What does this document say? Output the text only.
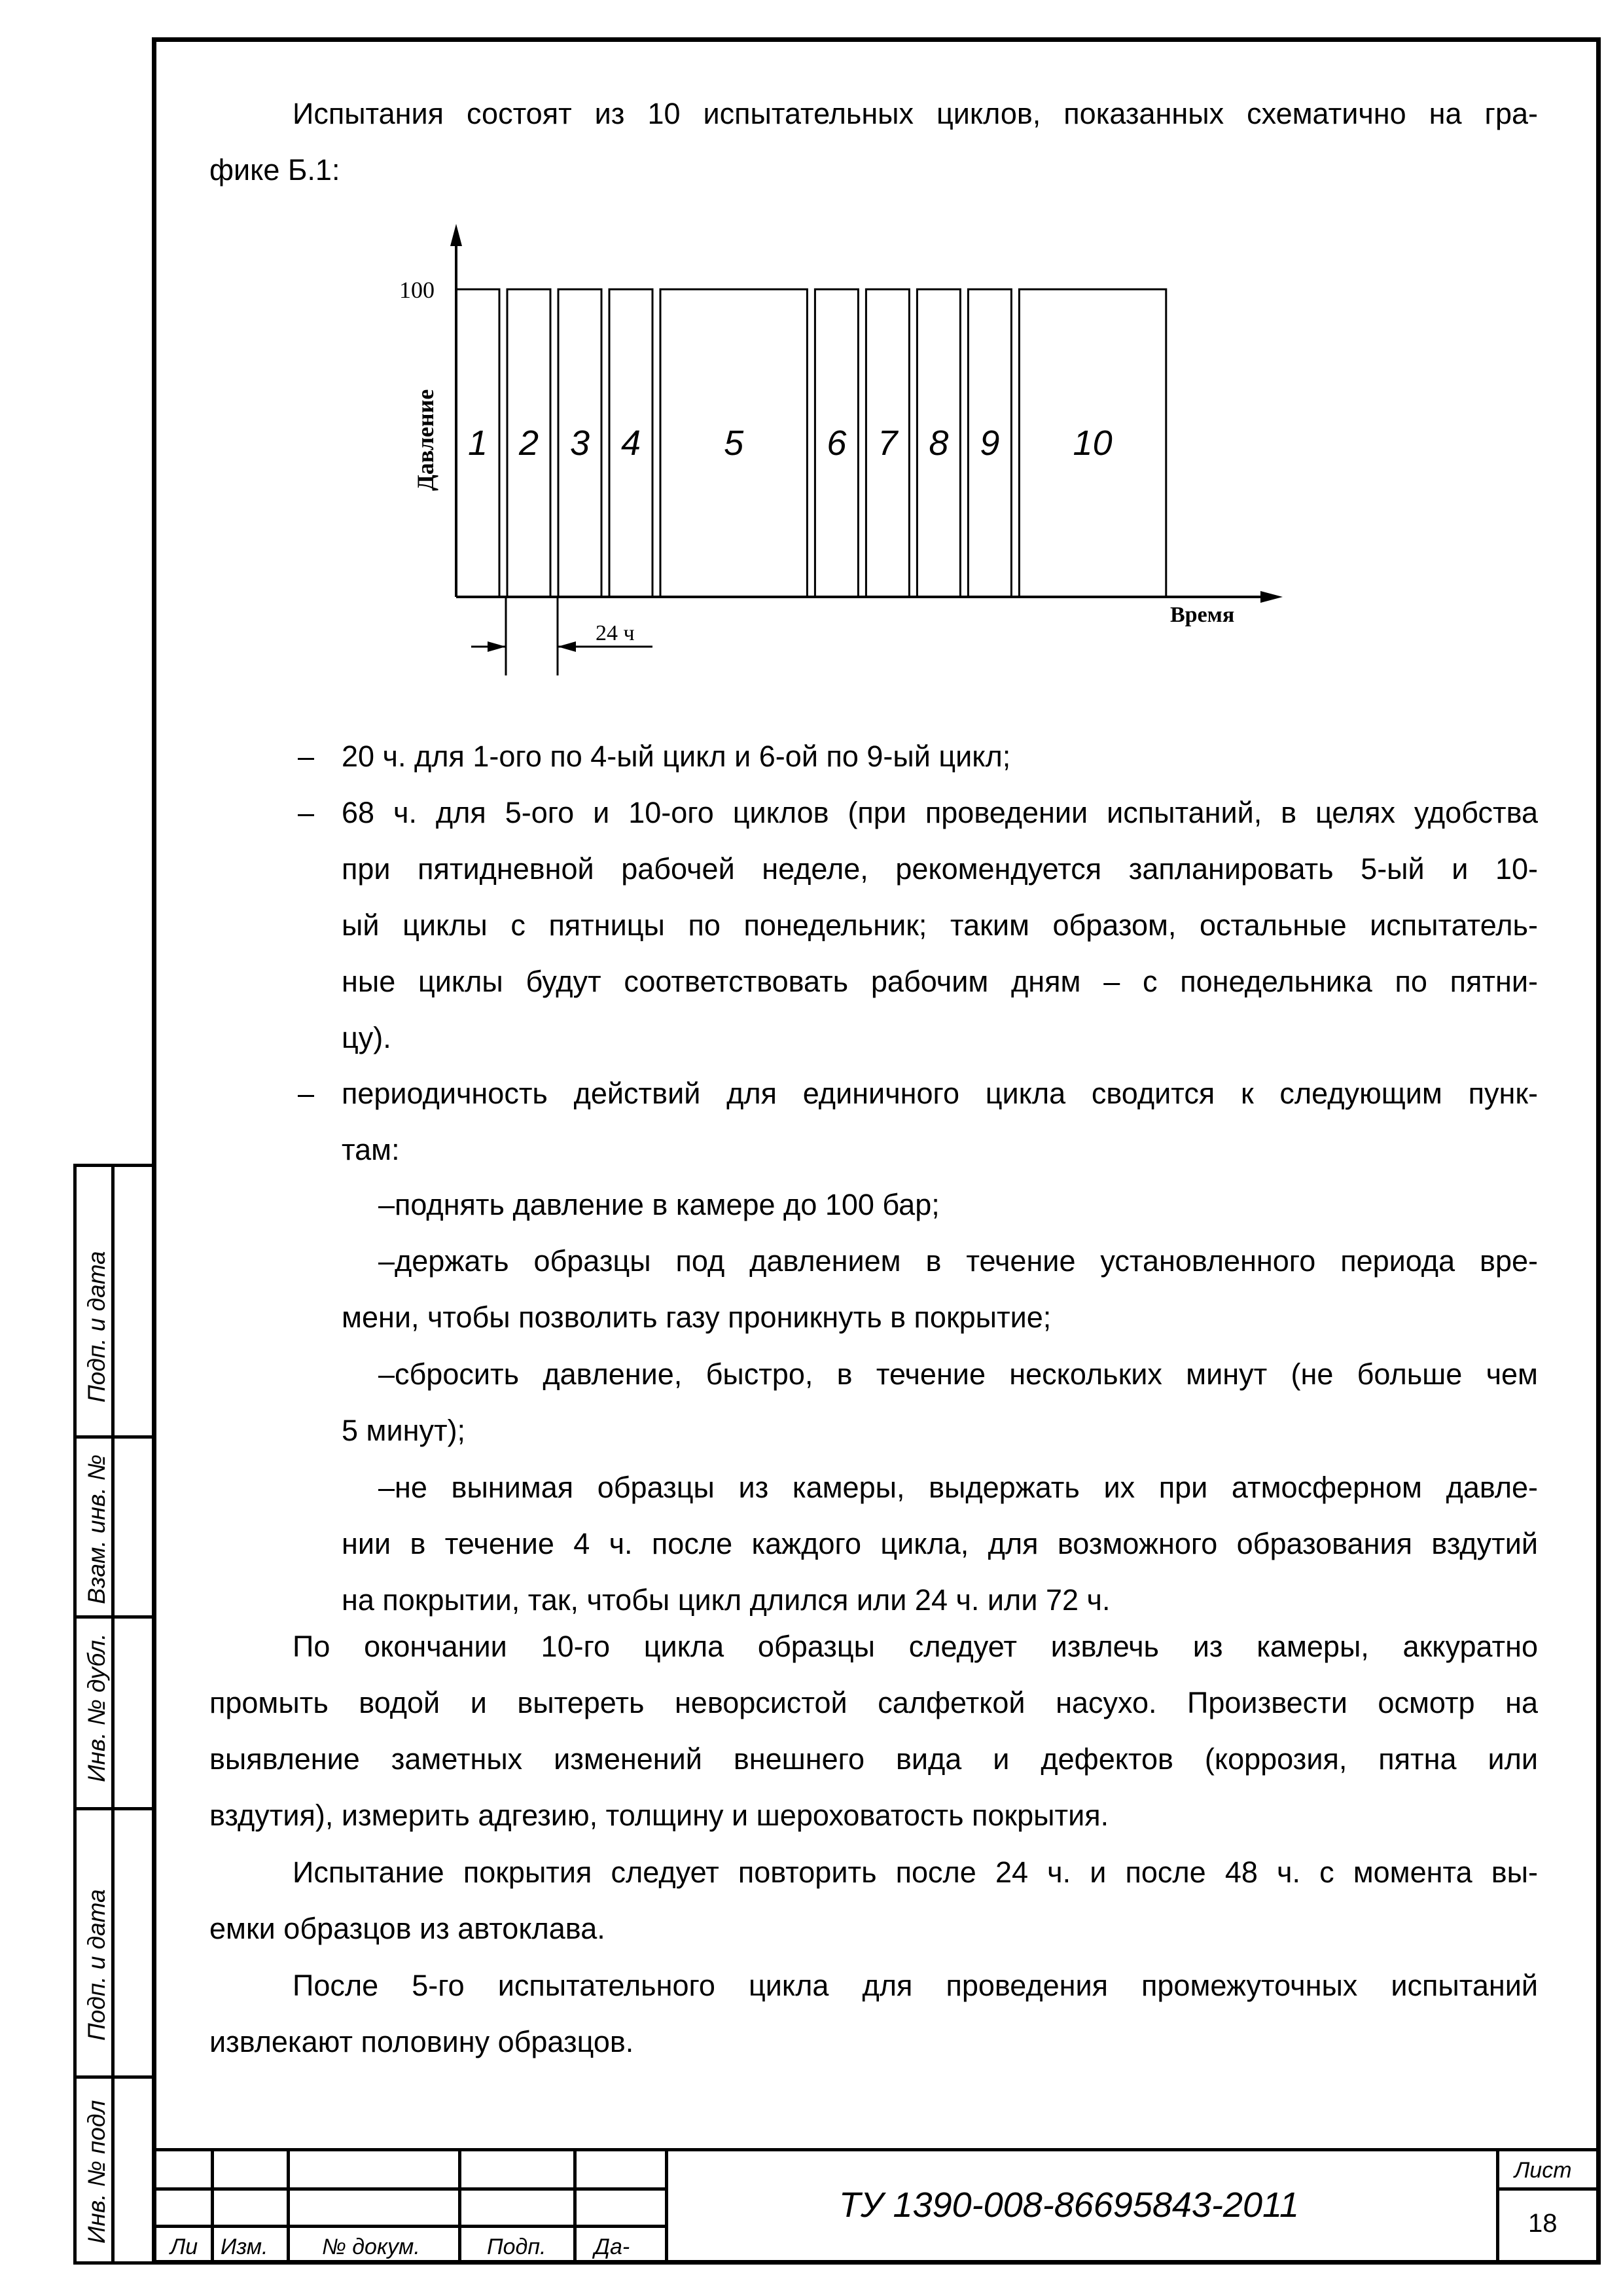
Подп. и дата
Взам. инв. №
Инв. № дубл.
Подп. и дата
Инв. № подл
Испытания состоят из 10 испытательных циклов, показанных схематично на гра-
фике Б.1:
100
Давление
Время
1 2 3 4 5 6 7 8 9 10
24 ч
– 20 ч. для 1-ого по 4-ый цикл и 6-ой по 9-ый цикл;
– 68 ч. для 5-ого и 10-ого циклов (при проведении испытаний, в целях удобства
при пятидневной рабочей неделе, рекомендуется запланировать 5-ый и 10-
ый циклы с пятницы по понедельник; таким образом, остальные испытатель-
ные циклы будут соответствовать рабочим дням – с понедельника по пятни-
цу).
– периодичность действий для единичного цикла сводится к следующим пунк-
там:
–поднять давление в камере до 100 бар;
–держать образцы под давлением в течение установленного периода вре-
мени, чтобы позволить газу проникнуть в покрытие;
–сбросить давление, быстро, в течение нескольких минут (не больше чем
5 минут);
–не вынимая образцы из камеры, выдержать их при атмосферном давле-
нии в течение 4 ч. после каждого цикла, для возможного образования вздутий
на покрытии, так, чтобы цикл длился или 24 ч. или 72 ч.
По окончании 10-го цикла образцы следует извлечь из камеры, аккуратно
промыть водой и вытереть неворсистой салфеткой насухо. Произвести осмотр на
выявление заметных изменений внешнего вида и дефектов (коррозия, пятна или
вздутия), измерить адгезию, толщину и шероховатость покрытия.
Испытание покрытия следует повторить после 24 ч. и после 48 ч. с момента вы-
емки образцов из автоклава.
После 5-го испытательного цикла для проведения промежуточных испытаний
извлекают половину образцов.
Ли Изм. № докум.	Подп. Да-
ТУ 1390-008-86695843-2011
Лист
18
